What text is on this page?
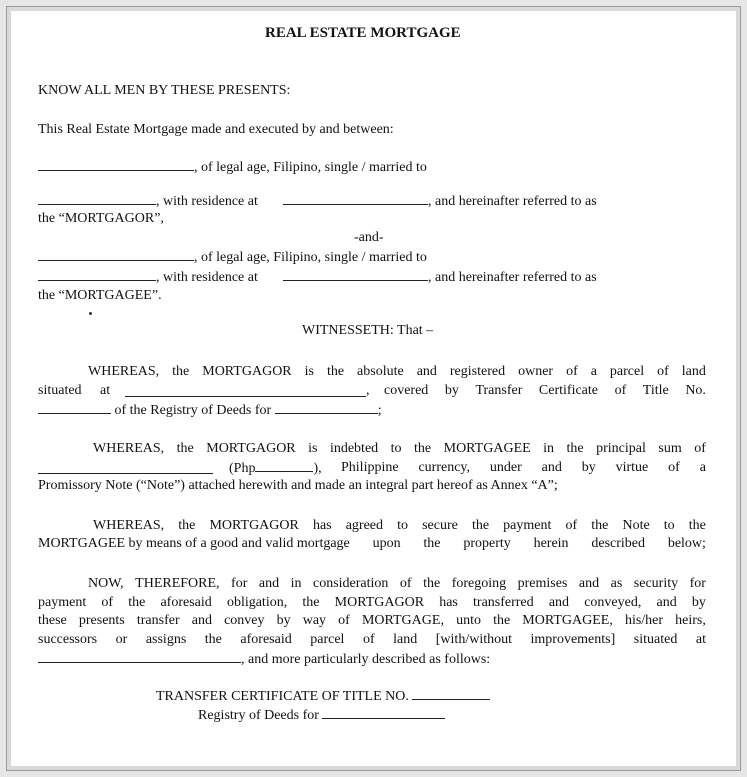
REAL ESTATE MORTGAGE
KNOW ALL MEN BY THESE PRESENTS:
This Real Estate Mortgage made and executed by and between:
, of legal age, Filipino, single / married to
, with residence at	, and hereinafter referred to as
the “MORTGAGOR”,
-and-
, of legal age, Filipino, single / married to
, with residence at	, and hereinafter referred to as
the “MORTGAGEE”.
WITNESSETH: That –
WHEREAS, the MORTGAGOR is the absolute and registered owner of a parcel of land
situated at	, covered by Transfer Certificate of Title No.
of the Registry of Deeds for	;
WHEREAS, the MORTGAGOR is indebted to the MORTGAGEE in the principal sum of
(Php	), Philippine currency, under and by virtue of a
Promissory Note (“Note”) attached herewith and made an integral part hereof as Annex “A”;
WHEREAS, the MORTGAGOR has agreed to secure the payment of the Note to the
MORTGAGEE by means of a good and valid mortgage upon the property herein described below;
NOW, THEREFORE, for and in consideration of the foregoing premises and as security for
payment of the aforesaid obligation, the MORTGAGOR has transferred and conveyed, and by
these presents transfer and convey by way of MORTGAGE, unto the MORTGAGEE, his/her heirs,
successors or assigns the aforesaid parcel of land [with/without improvements] situated at
, and more particularly described as follows:
TRANSFER CERTIFICATE OF TITLE NO.
Registry of Deeds for
